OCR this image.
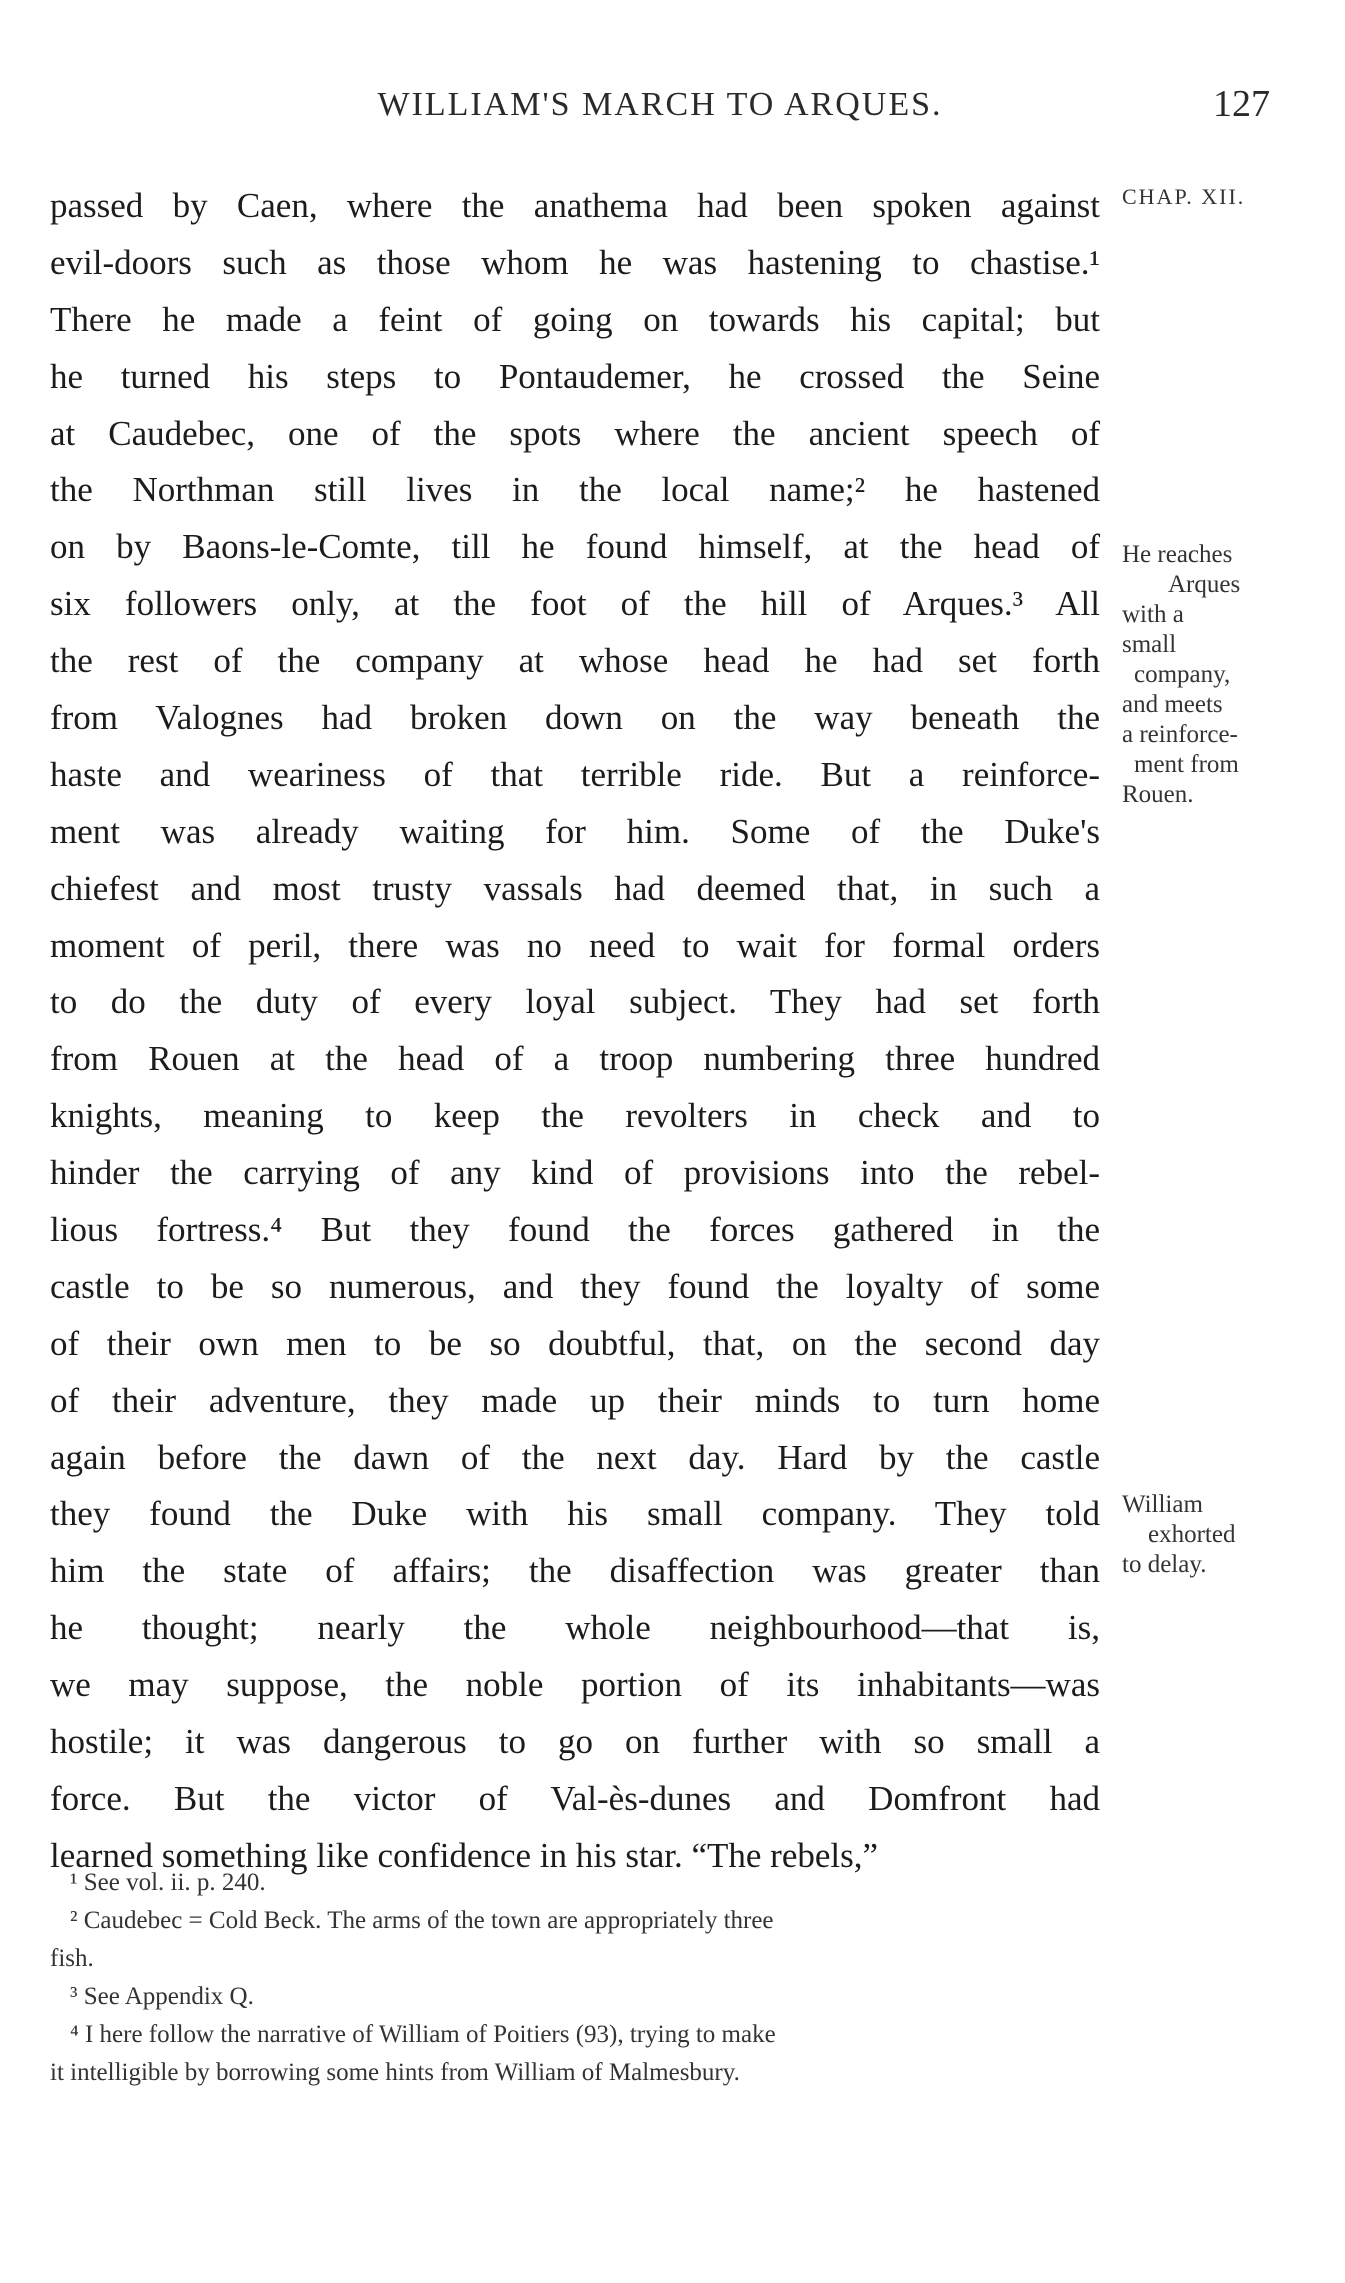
WILLIAM'S MARCH TO ARQUES.	127
passed by Caen, where the anathema had been spoken against
evil-doors such as those whom he was hastening to chastise.¹
There he made a feint of going on towards his capital; but
he turned his steps to Pontaudemer, he crossed the Seine
at Caudebec, one of the spots where the ancient speech of
the Northman still lives in the local name;² he hastened
on by Baons-le-Comte, till he found himself, at the head of
six followers only, at the foot of the hill of Arques.³ All
the rest of the company at whose head he had set forth
from Valognes had broken down on the way beneath the
haste and weariness of that terrible ride. But a reinforce-
ment was already waiting for him. Some of the Duke's
chiefest and most trusty vassals had deemed that, in such a
moment of peril, there was no need to wait for formal orders
to do the duty of every loyal subject. They had set forth
from Rouen at the head of a troop numbering three hundred
knights, meaning to keep the revolters in check and to
hinder the carrying of any kind of provisions into the rebel-
lious fortress.⁴ But they found the forces gathered in the
castle to be so numerous, and they found the loyalty of some
of their own men to be so doubtful, that, on the second day
of their adventure, they made up their minds to turn home
again before the dawn of the next day. Hard by the castle
they found the Duke with his small company. They told
him the state of affairs; the disaffection was greater than
he thought; nearly the whole neighbourhood—that is,
we may suppose, the noble portion of its inhabitants—was
hostile; it was dangerous to go on further with so small a
force. But the victor of Val-ès-dunes and Domfront had
learned something like confidence in his star. “The rebels,”
CHAP. XII.
He reaches
Arques
with a
small
company,
and meets
a reinforce-
ment from
Rouen.
William
exhorted
to delay.
¹ See vol. ii. p. 240.
² Caudebec = Cold Beck. The arms of the town are appropriately three
fish.
³ See Appendix Q.
⁴ I here follow the narrative of William of Poitiers (93), trying to make
it intelligible by borrowing some hints from William of Malmesbury.
